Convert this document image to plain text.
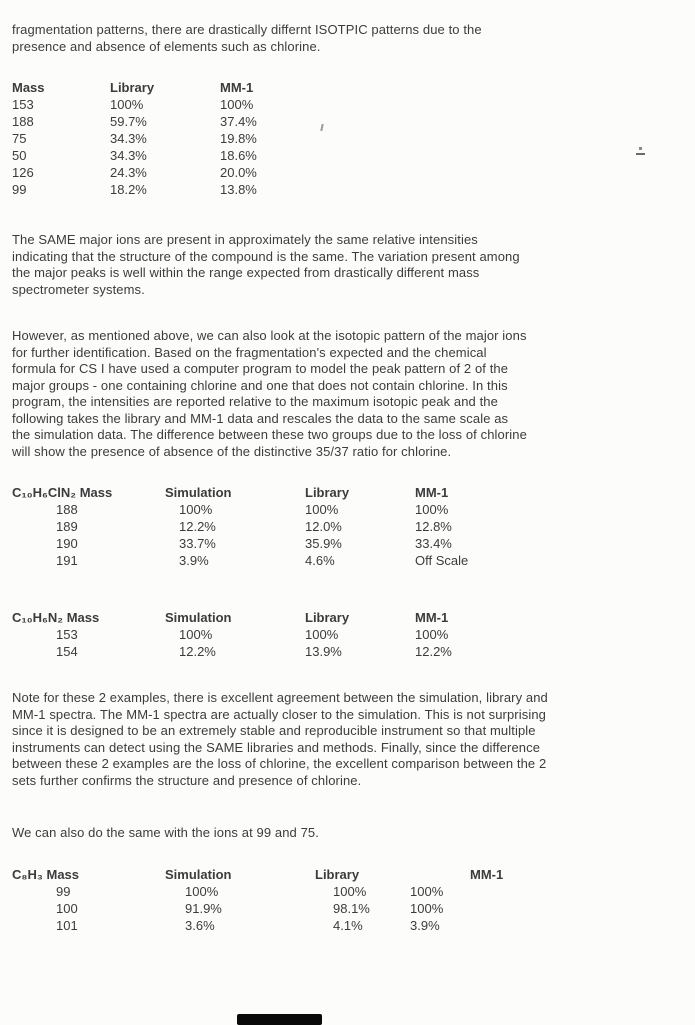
fragmentation patterns, there are drastically differnt ISOTPIC patterns due to the presence and absence of elements such as chlorine.

Mass	Library	MM-1
153	100%	100%
188	59.7%	37.4%
75	34.3%	19.8%
50	34.3%	18.6%
126	24.3%	20.0%
99	18.2%	13.8%

The SAME major ions are present in approximately the same relative intensities indicating that the structure of the compound is the same. The variation present among the major peaks is well within the range expected from drastically different mass spectrometer systems.

However, as mentioned above, we can also look at the isotopic pattern of the major ions for further identification. Based on the fragmentation's expected and the chemical formula for CS I have used a computer program to model the peak pattern of 2 of the major groups - one containing chlorine and one that does not contain chlorine. In this program, the intensities are reported relative to the maximum isotopic peak and the following takes the library and MM-1 data and rescales the data to the same scale as the simulation data. The difference between these two groups due to the loss of chlorine will show the presence of absence of the distinctive 35/37 ratio for chlorine.

C₁₀H₆ClN₂ Mass	Simulation	Library	MM-1
188	100%	100%	100%
189	12.2%	12.0%	12.8%
190	33.7%	35.9%	33.4%
191	3.9%	4.6%	Off Scale
C₁₀H₆N₂ Mass	Simulation	Library	MM-1
153	100%	100%	100%
154	12.2%	13.9%	12.2%

Note for these 2 examples, there is excellent agreement between the simulation, library and MM-1 spectra. The MM-1 spectra are actually closer to the simulation. This is not surprising since it is designed to be an extremely stable and reproducible instrument so that multiple instruments can detect using the SAME libraries and methods. Finally, since the difference between these 2 examples are the loss of chlorine, the excellent comparison between the 2 sets further confirms the structure and presence of chlorine.

We can also do the same with the ions at 99 and 75.

C₈H₃ Mass	Simulation	Library	MM-1
99	100%	100%	100%
100	91.9%	98.1%	100%
101	3.6%	4.1%	3.9%
